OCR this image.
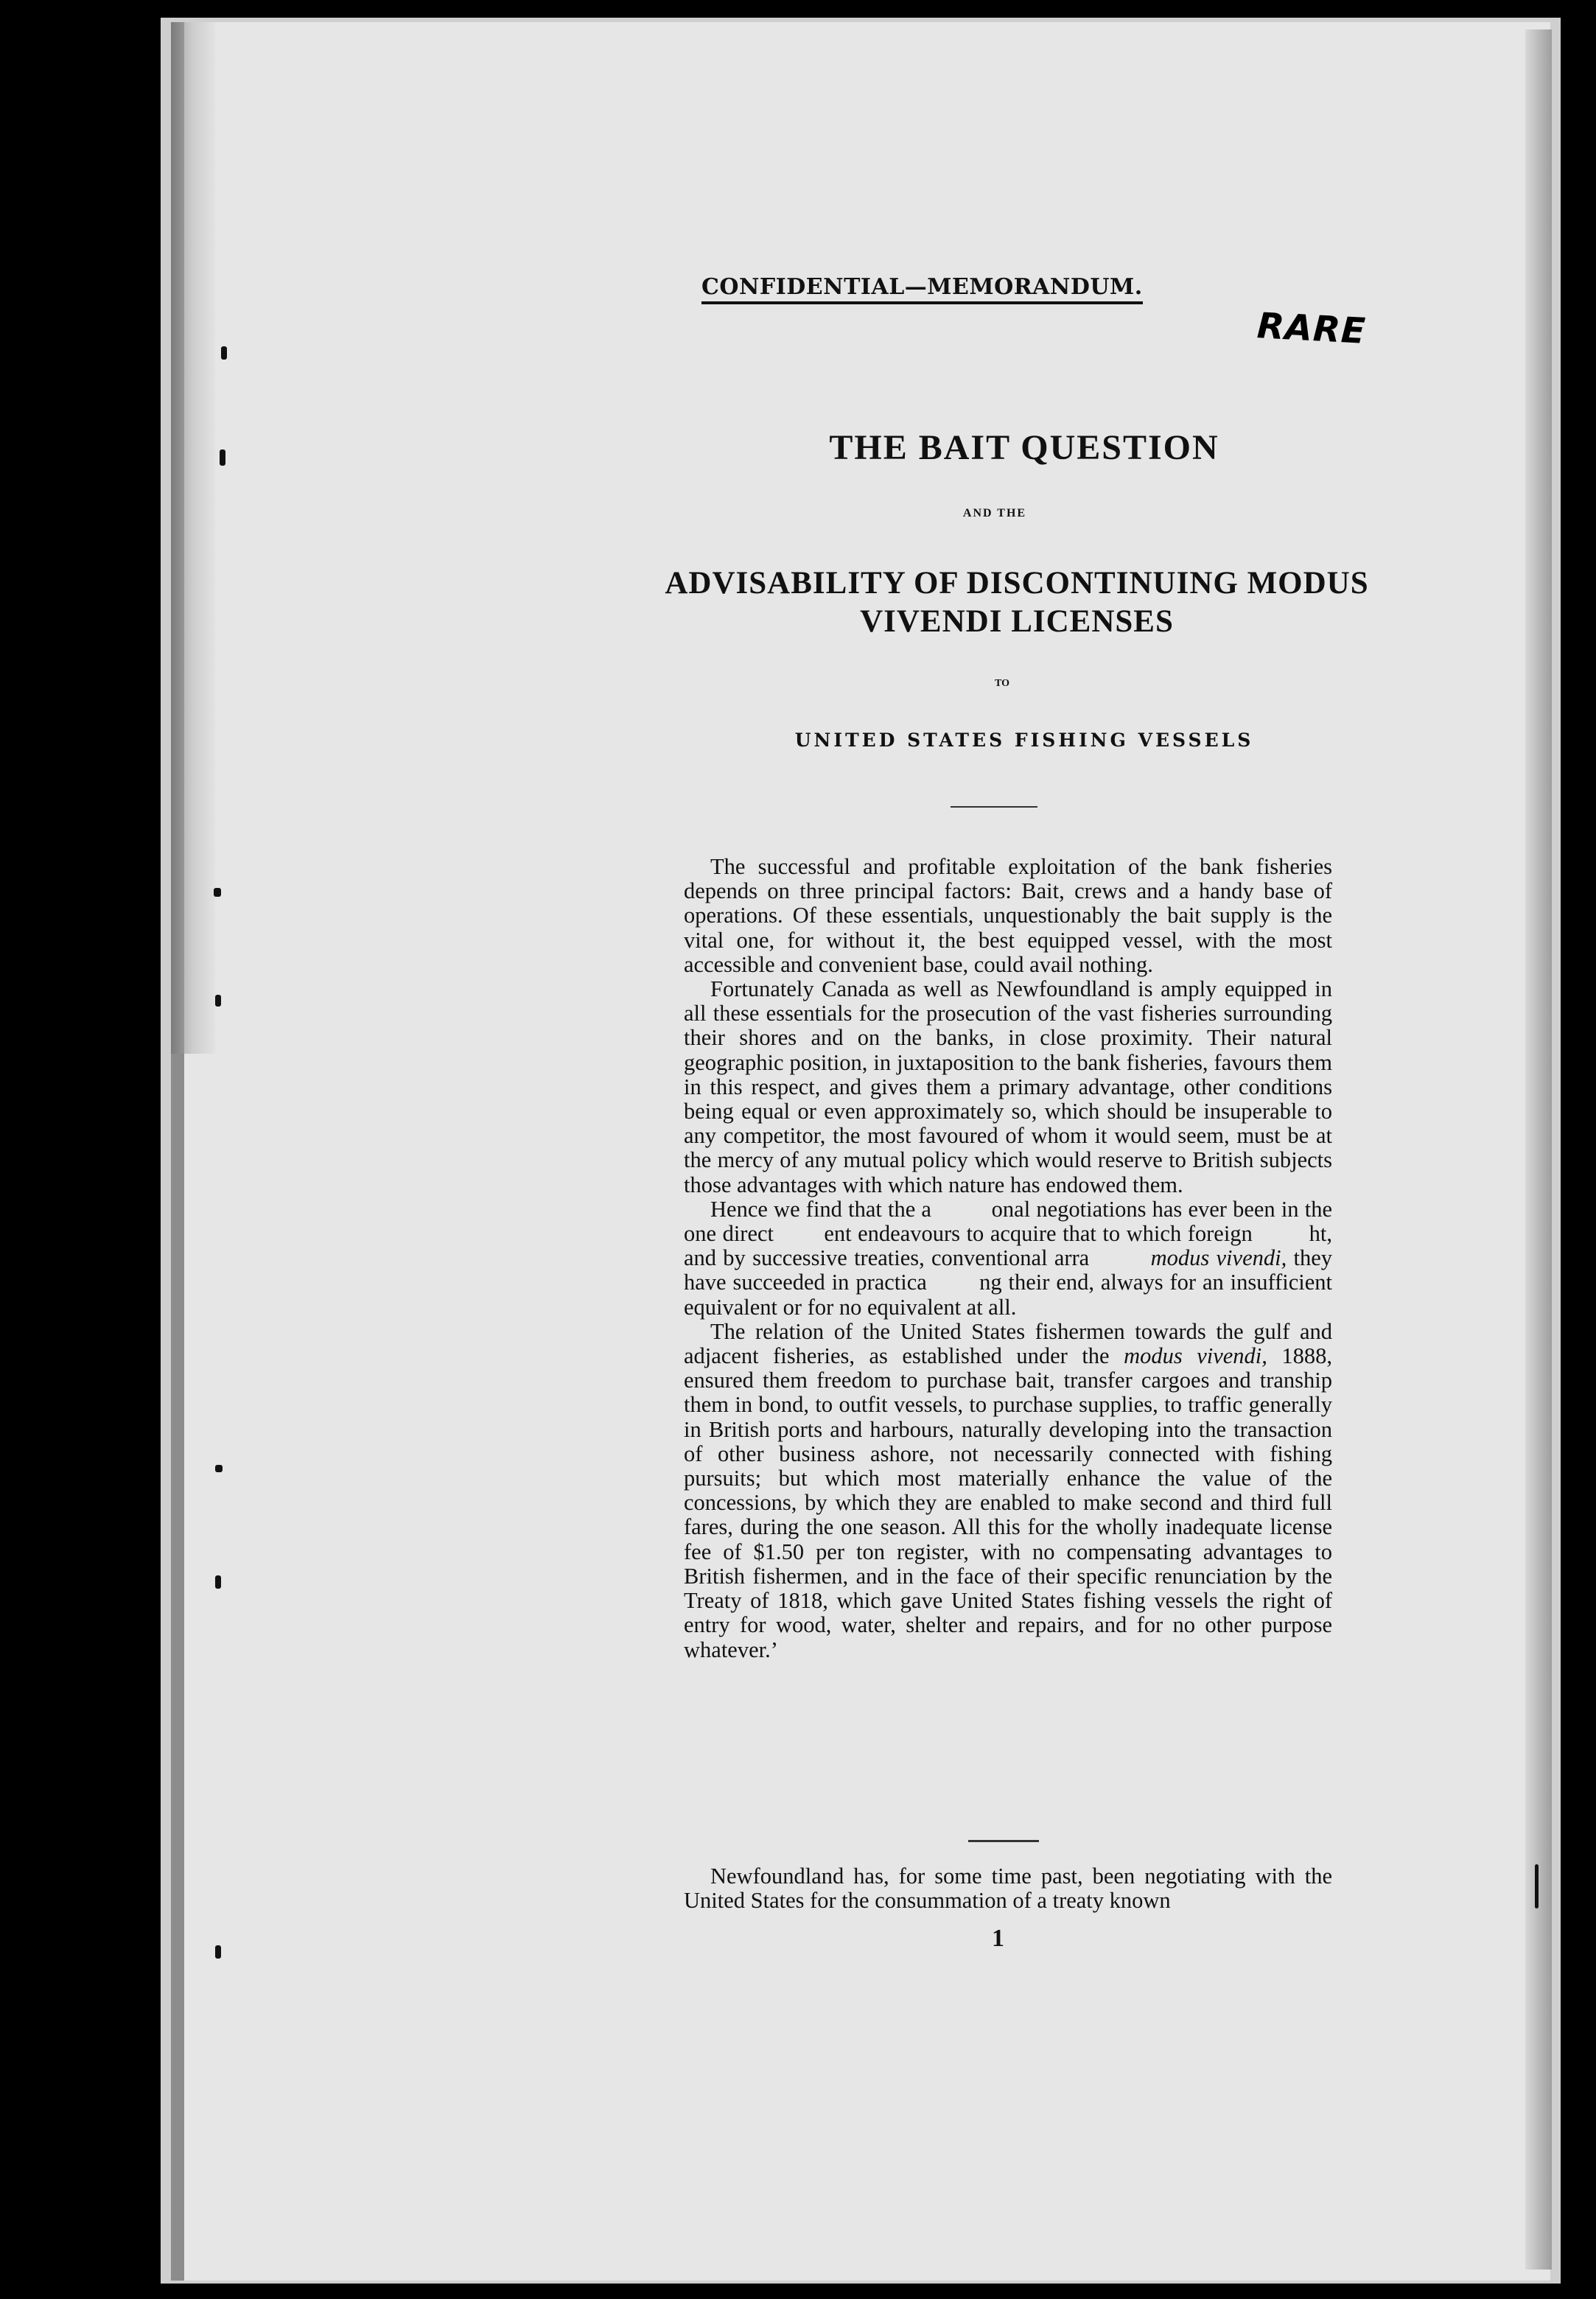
CONFIDENTIAL—MEMORANDUM.
RARE
THE BAIT QUESTION
AND THE
ADVISABILITY OF DISCONTINUING MODUS
VIVENDI LICENSES
TO
UNITED STATES FISHING VESSELS

The successful and profitable exploitation of the bank fisheries depends on three principal factors: Bait, crews and a handy base of operations. Of these essentials, unquestionably the bait supply is the vital one, for without it, the best equipped vessel, with the most accessible and convenient base, could avail nothing.

Fortunately Canada as well as Newfoundland is amply equipped in all these essentials for the prosecution of the vast fisheries surrounding their shores and on the banks, in close proximity. Their natural geographic position, in juxtaposition to the bank fisheries, favours them in this respect, and gives them a primary advantage, other conditions being equal or even approximately so, which should be insuperable to any competitor, the most favoured of whom it would seem, must be at the mercy of any mutual policy which would reserve to British subjects those advantages with which nature has endowed them.

Hence we find that the a	onal negotiations has ever been in the one direct ent endeavours to acquire that to which foreign	ht, and by successive treaties, conventional arra	modus vivendi, they have succeeded in practica ng their end, always for an insufficient equivalent or for no equivalent at all.

The relation of the United States fishermen towards the gulf and adjacent fisheries, as established under the modus vivendi, 1888, ensured them freedom to purchase bait, transfer cargoes and tranship them in bond, to outfit vessels, to purchase supplies, to traffic generally in British ports and harbours, naturally developing into the transaction of other business ashore, not necessarily connected with fishing pursuits; but which most materially enhance the value of the concessions, by which they are enabled to make second and third full fares, during the one season. All this for the wholly inadequate license fee of $1.50 per ton register, with no compensating advantages to British fishermen, and in the face of their specific renunciation by the Treaty of 1818, which gave United States fishing vessels the right of entry for wood, water, shelter and repairs, and for no other purpose whatever.’

Newfoundland has, for some time past, been negotiating with the United States for the consummation of a treaty known

1
